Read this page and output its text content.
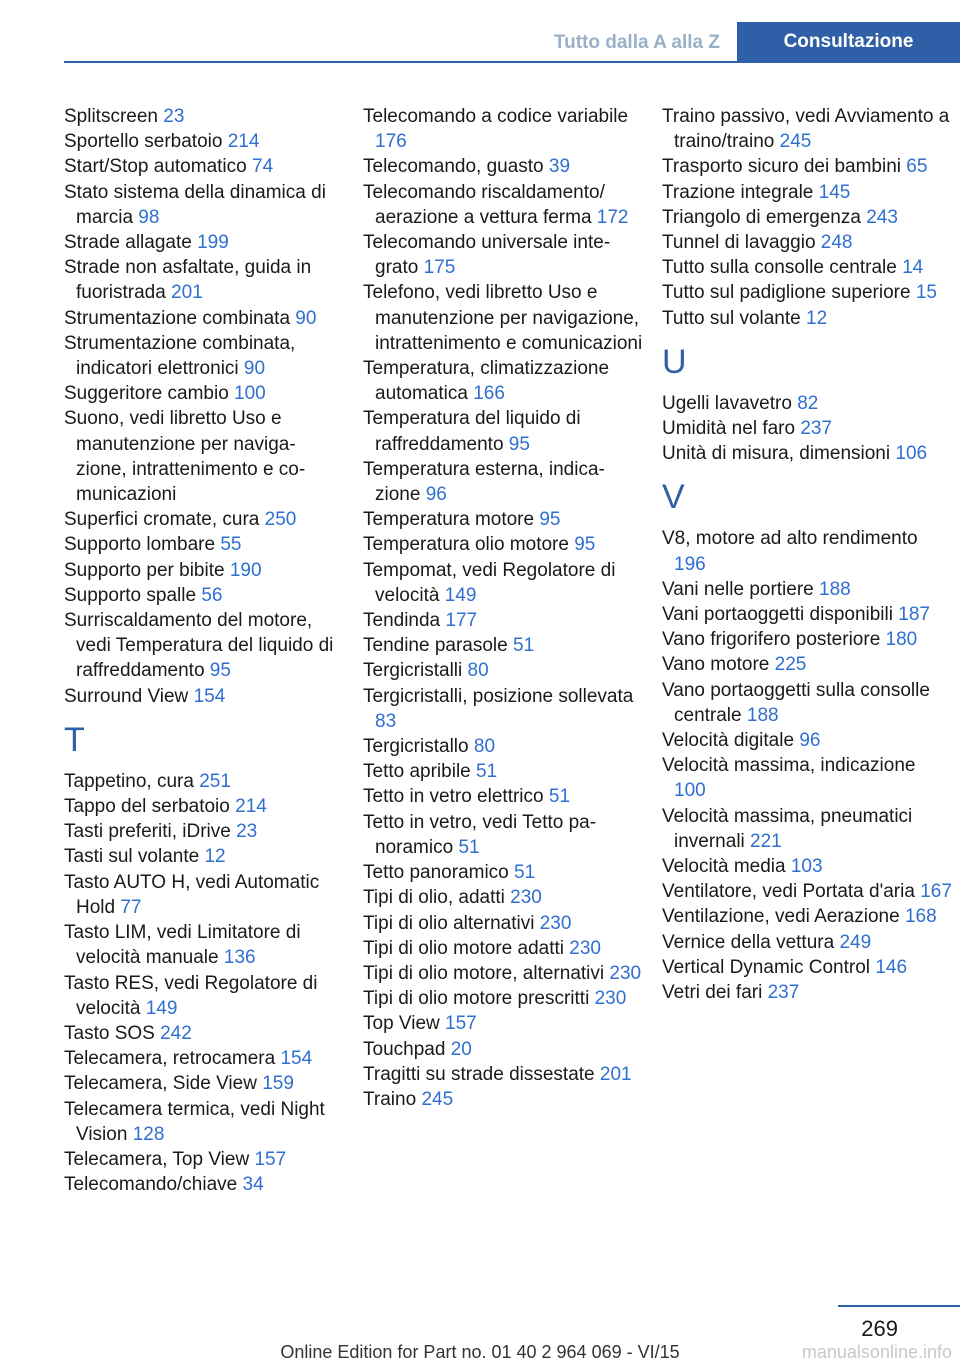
Tutto dalla A alla Z	Consultazione
Splitscreen 23
Sportello serbatoio 214
Start/Stop automatico 74
Stato sistema della dinamica di marcia 98
Strade allagate 199
Strade non asfaltate, guida in fuoristrada 201
Strumentazione combinata 90
Strumentazione combinata, indicatori elettronici 90
Suggeritore cambio 100
Suono, vedi libretto Uso e manutenzione per navigazione, intrattenimento e comunicazioni
Superfici cromate, cura 250
Supporto lombare 55
Supporto per bibite 190
Supporto spalle 56
Surriscaldamento del motore, vedi Temperatura del liquido di raffreddamento 95
Surround View 154
T
Tappetino, cura 251
Tappo del serbatoio 214
Tasti preferiti, iDrive 23
Tasti sul volante 12
Tasto AUTO H, vedi Automatic Hold 77
Tasto LIM, vedi Limitatore di velocità manuale 136
Tasto RES, vedi Regolatore di velocità 149
Tasto SOS 242
Telecamera, retrocamera 154
Telecamera, Side View 159
Telecamera termica, vedi Night Vision 128
Telecamera, Top View 157
Telecomando/chiave 34
Telecomando a codice variabile 176
Telecomando, guasto 39
Telecomando riscaldamento/ aerazione a vettura ferma 172
Telecomando universale integrato 175
Telefono, vedi libretto Uso e manutenzione per navigazione, intrattenimento e comunicazioni
Temperatura, climatizzazione automatica 166
Temperatura del liquido di raffreddamento 95
Temperatura esterna, indicazione 96
Temperatura motore 95
Temperatura olio motore 95
Tempomat, vedi Regolatore di velocità 149
Tendinda 177
Tendine parasole 51
Tergicristalli 80
Tergicristalli, posizione sollevata 83
Tergicristallo 80
Tetto apribile 51
Tetto in vetro elettrico 51
Tetto in vetro, vedi Tetto panoramico 51
Tetto panoramico 51
Tipi di olio, adatti 230
Tipi di olio alternativi 230
Tipi di olio motore adatti 230
Tipi di olio motore, alternativi 230
Tipi di olio motore prescritti 230
Top View 157
Touchpad 20
Tragitti su strade dissestate 201
Traino 245
Traino passivo, vedi Avviamento a traino/traino 245
Trasporto sicuro dei bambini 65
Trazione integrale 145
Triangolo di emergenza 243
Tunnel di lavaggio 248
Tutto sulla consolle centrale 14
Tutto sul padiglione superiore 15
Tutto sul volante 12
U
Ugelli lavavetro 82
Umidità nel faro 237
Unità di misura, dimensioni 106
V
V8, motore ad alto rendimento 196
Vani nelle portiere 188
Vani portaoggetti disponibili 187
Vano frigorifero posteriore 180
Vano motore 225
Vano portaoggetti sulla consolle centrale 188
Velocità digitale 96
Velocità massima, indicazione 100
Velocità massima, pneumatici invernali 221
Velocità media 103
Ventilatore, vedi Portata d'aria 167
Ventilazione, vedi Aerazione 168
Vernice della vettura 249
Vertical Dynamic Control 146
Vetri dei fari 237
269
Online Edition for Part no. 01 40 2 964 069 - VI/15	manualsonline.info
